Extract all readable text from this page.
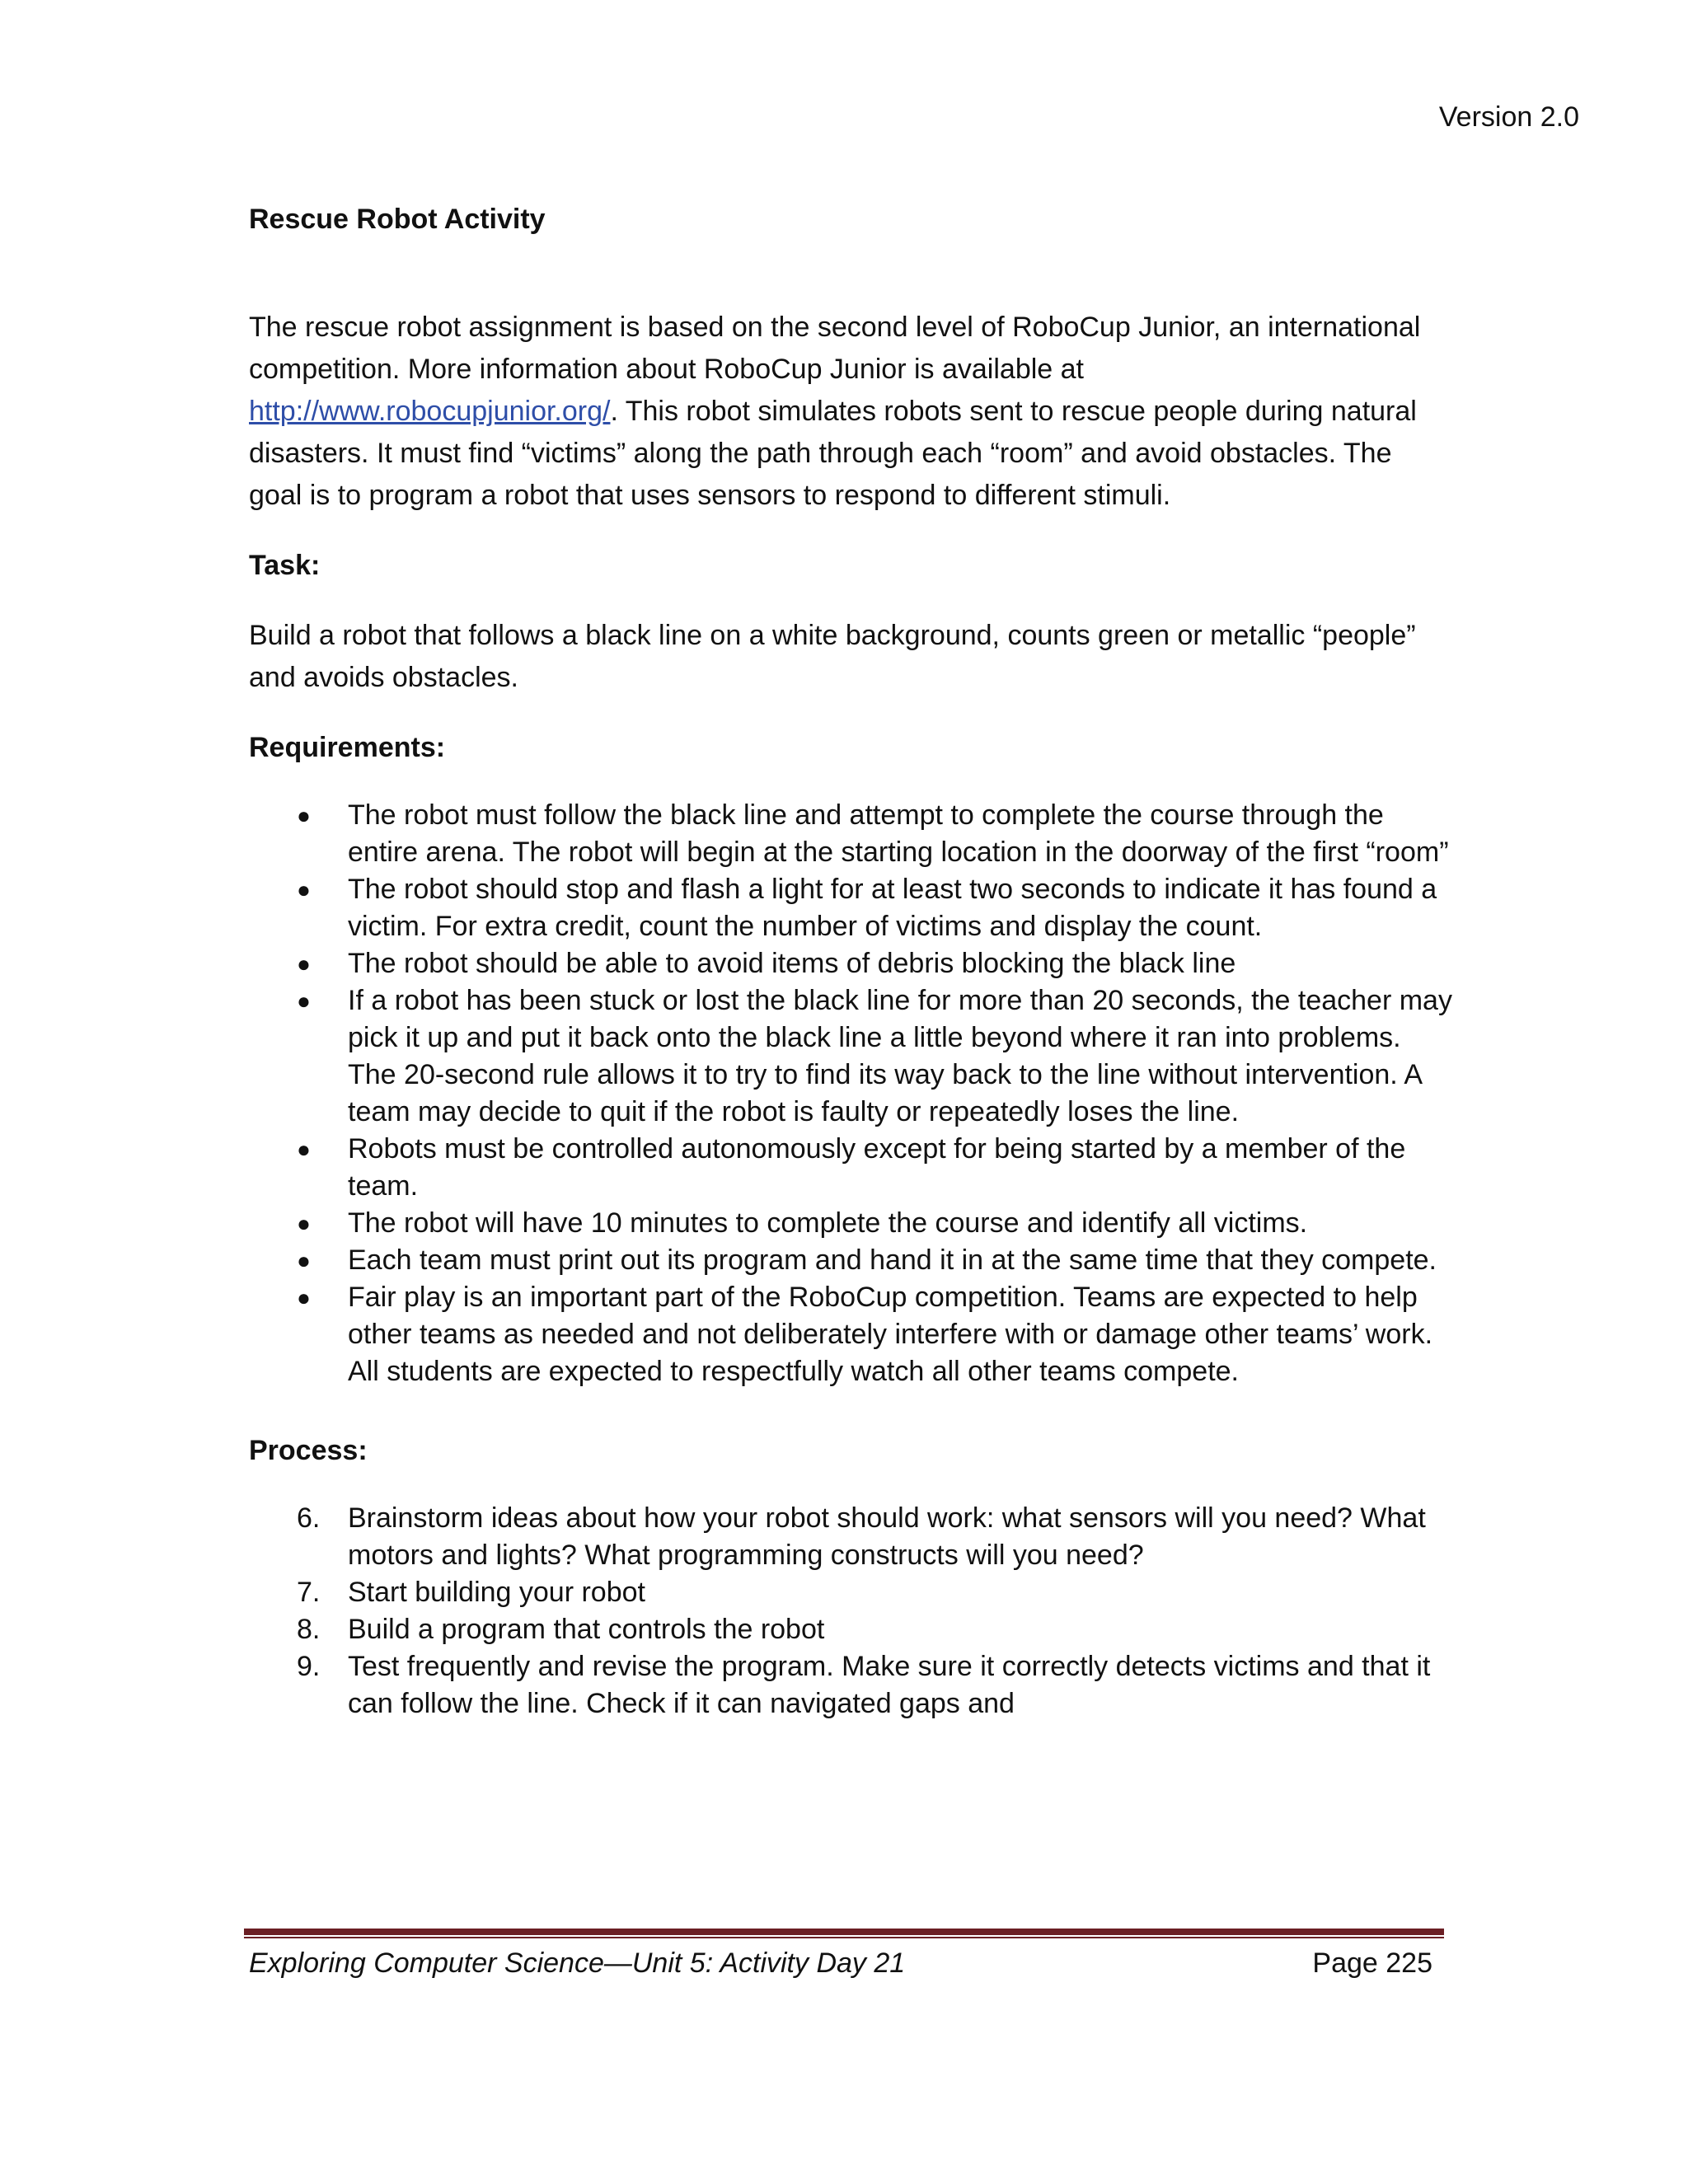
Version 2.0

Rescue Robot Activity

The rescue robot assignment is based on the second level of RoboCup Junior, an international competition. More information about RoboCup Junior is available at http://www.robocupjunior.org/. This robot simulates robots sent to rescue people during natural disasters. It must find “victims” along the path through each “room” and avoid obstacles. The goal is to program a robot that uses sensors to respond to different stimuli.

Task:

Build a robot that follows a black line on a white background, counts green or metallic “people” and avoids obstacles.

Requirements:

● The robot must follow the black line and attempt to complete the course through the entire arena. The robot will begin at the starting location in the doorway of the first “room”
● The robot should stop and flash a light for at least two seconds to indicate it has found a victim. For extra credit, count the number of victims and display the count.
● The robot should be able to avoid items of debris blocking the black line
● If a robot has been stuck or lost the black line for more than 20 seconds, the teacher may pick it up and put it back onto the black line a little beyond where it ran into problems. The 20-second rule allows it to try to find its way back to the line without intervention. A team may decide to quit if the robot is faulty or repeatedly loses the line.
● Robots must be controlled autonomously except for being started by a member of the team.
● The robot will have 10 minutes to complete the course and identify all victims.
● Each team must print out its program and hand it in at the same time that they compete.
● Fair play is an important part of the RoboCup competition. Teams are expected to help other teams as needed and not deliberately interfere with or damage other teams’ work. All students are expected to respectfully watch all other teams compete.

Process:

6. Brainstorm ideas about how your robot should work: what sensors will you need? What motors and lights? What programming constructs will you need?
7. Start building your robot
8. Build a program that controls the robot
9. Test frequently and revise the program. Make sure it correctly detects victims and that it can follow the line. Check if it can navigated gaps and

Exploring Computer Science—Unit 5: Activity Day 21	Page 225
